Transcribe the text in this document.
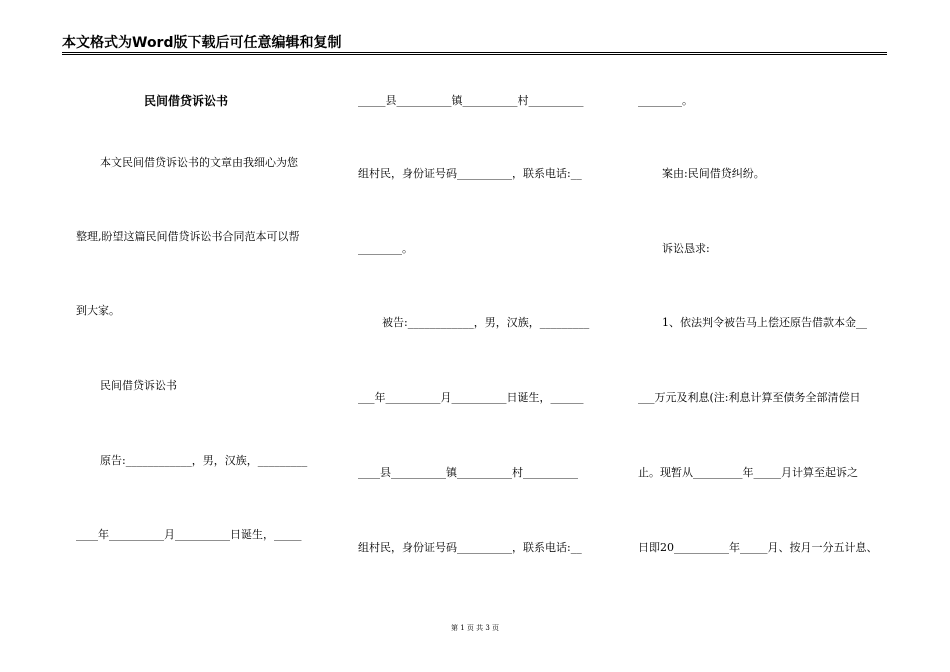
本文格式为Word版下载后可任意编辑和复制
民间借贷诉讼书
本文民间借贷诉讼书的文章由我细心为您
整理,盼望这篇民间借贷诉讼书合同范本可以帮
到大家。
民间借贷诉讼书
原告:____________，男，汉族，_________
____年__________月__________日诞生，_____
_____县__________镇__________村__________
组村民，身份证号码__________，联系电话:__
________。
被告:____________，男，汉族，_________
___年__________月__________日诞生，______
____县__________镇__________村__________
组村民，身份证号码__________，联系电话:__
________。
案由:民间借贷纠纷。
诉讼恳求:
1、依法判令被告马上偿还原告借款本金__
___万元及利息(注:利息计算至债务全部清偿日
止。现暂从_________年_____月计算至起诉之
日即20__________年_____月、按月一分五计息、
第 1 页 共 3 页
